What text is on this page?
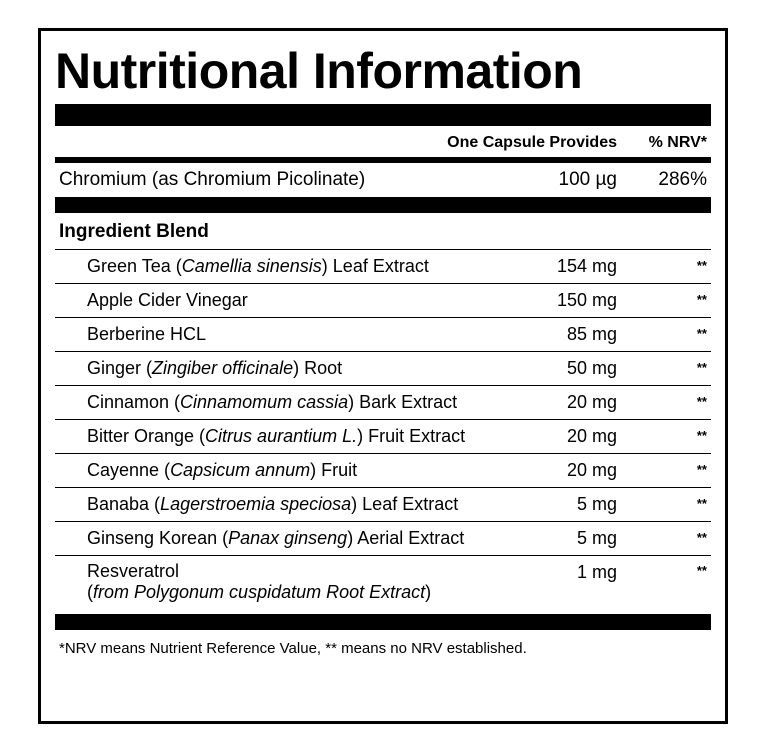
Nutritional Information
One Capsule Provides	% NRV*
Chromium (as Chromium Picolinate)	100 µg	286%
Ingredient Blend
Green Tea (Camellia sinensis) Leaf Extract	154 mg	**
Apple Cider Vinegar	150 mg	**
Berberine HCL	85 mg	**
Ginger (Zingiber officinale) Root	50 mg	**
Cinnamon (Cinnamomum cassia) Bark Extract	20 mg	**
Bitter Orange (Citrus aurantium L.) Fruit Extract	20 mg	**
Cayenne (Capsicum annum) Fruit	20 mg	**
Banaba (Lagerstroemia speciosa) Leaf Extract	5 mg	**
Ginseng Korean (Panax ginseng) Aerial Extract	5 mg	**
Resveratrol
(from Polygonum cuspidatum Root Extract)
1 mg	**
*NRV means Nutrient Reference Value, ** means no NRV established.
